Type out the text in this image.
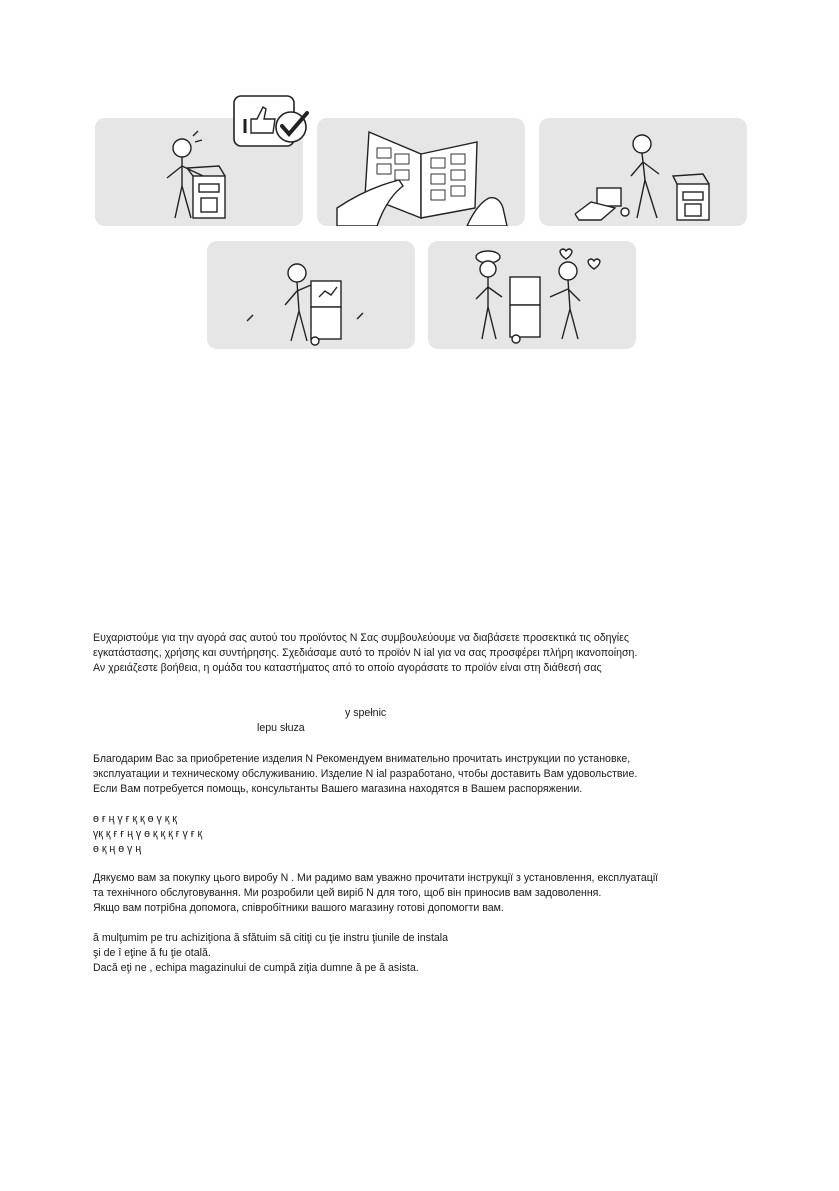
Ευχαριστούμε για την αγορά σας αυτού του προϊόντος N Σας συμβουλεύουμε να διαβάσετε προσεκτικά τις οδηγίες

εγκατάστασης, χρήσης και συντήρησης. Σχεδιάσαμε αυτό το προϊόν N ial για να σας προσφέρει πλήρη ικανοποίηση.

Αν χρειάζεστε βοήθεια, η ομάδα του καταστήματος από το οποίο αγοράσατε το προϊόν είναι στη διάθεσή σας

y spełnic
lepu słuza

Благодарим Вас за приобретение изделия N Рекомендуем внимательно прочитать инструкции по установке,

эксплуатации и техническому обслуживанию. Изделие N ial разработано, чтобы доставить Вам удовольствие.

Если Вам потребуется помощь, консультанты Вашего магазина находятся в Вашем распоряжении.

ө ғ ң ү ғ қ қ ө ү қ қ

үқ қ ғ ғ ң ү ө қ қ қ ғ ү ғ қ

ө қ ң ө ү ң

Дякуємо вам за покупку цього виробу N . Ми радимо вам уважно прочитати інструкції з установлення, експлуатації

та технічного обслуговування. Ми розробили цей виріб N для того, щоб він приносив вам задоволення.

Якщо вам потрібна допомога, співробітники вашого магазину готові допомогти вам.

ă mulţumim pe tru achiziţiona ă sfătuim să citiţi cu ţie instru ţiunile de instala

şi de î eţine ă fu ţie otală.

Dacă eţi ne , echipa magazinului de cumpă ziţia dumne ă pe ă asista.
